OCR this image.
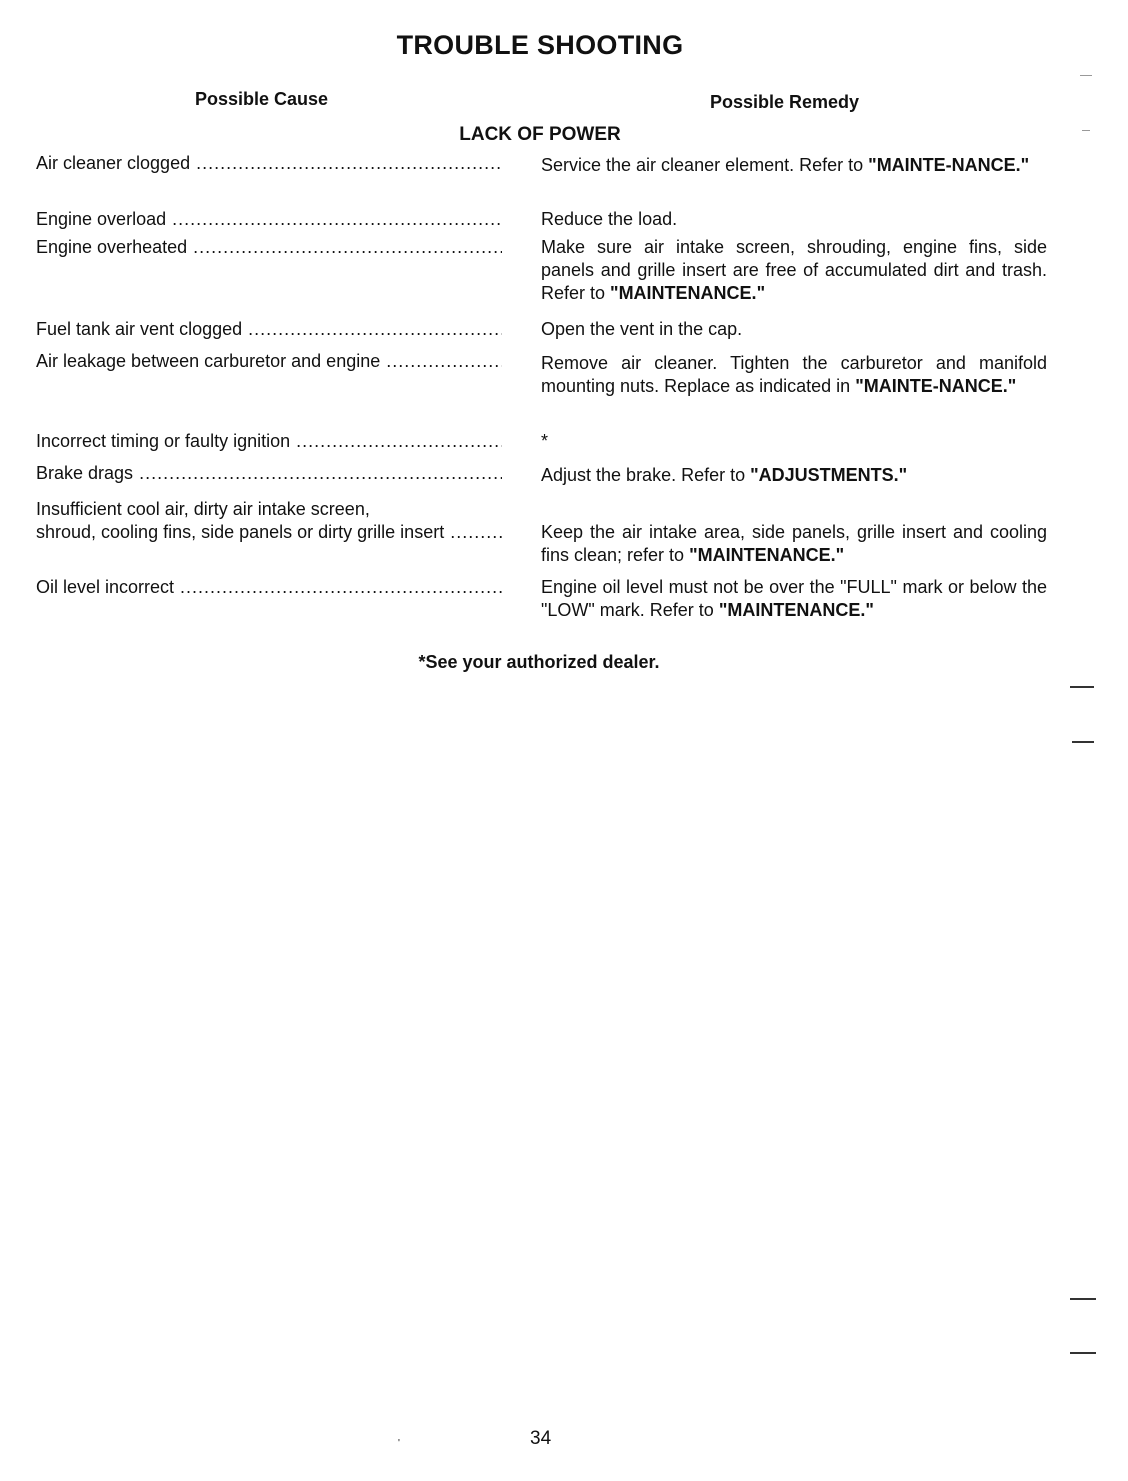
TROUBLE SHOOTING
Possible Cause	Possible Remedy
LACK OF POWER
Air cleaner clogged .....	Service the air cleaner element. Refer to "MAINTE-NANCE."
Engine overload .....	Reduce the load.
Engine overheated .....	Make sure air intake screen, shrouding, engine fins, side panels and grille insert are free of accumulated dirt and trash. Refer to "MAINTENANCE."
Fuel tank air vent clogged .....	Open the vent in the cap.
Air leakage between carburetor and engine .....	Remove air cleaner. Tighten the carburetor and manifold mounting nuts. Replace as indicated in "MAINTE-NANCE."
Incorrect timing or faulty ignition .....	*
Brake drags .....	Adjust the brake. Refer to "ADJUSTMENTS."
Insufficient cool air, dirty air intake screen,
shroud, cooling fins, side panels or dirty grille insert .....	Keep the air intake area, side panels, grille insert and cooling fins clean; refer to "MAINTENANCE."
Oil level incorrect .....	Engine oil level must not be over the "FULL" mark or below the "LOW" mark. Refer to "MAINTENANCE."
*See your authorized dealer.
'	34
